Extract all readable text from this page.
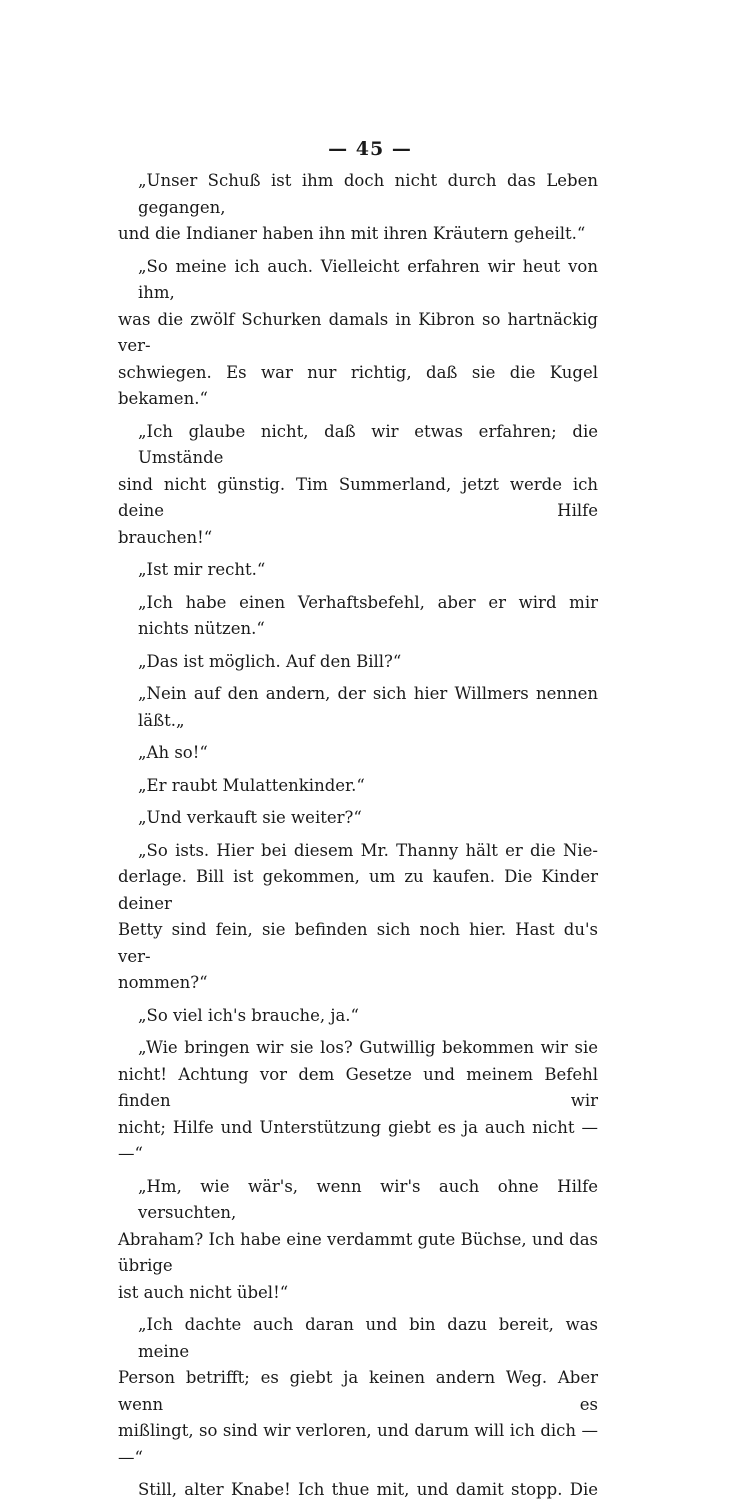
— 45 —
„Unser Schuß ist ihm doch nicht durch das Leben gegangen,
und die Indianer haben ihn mit ihren Kräutern geheilt.“
„So meine ich auch. Vielleicht erfahren wir heut von ihm,
was die zwölf Schurken damals in Kibron so hartnäckig ver-
schwiegen. Es war nur richtig, daß sie die Kugel bekamen.“
„Ich glaube nicht, daß wir etwas erfahren; die Umstände
sind nicht günstig. Tim Summerland, jetzt werde ich deine Hilfe
brauchen!“
„Ist mir recht.“
„Ich habe einen Verhaftsbefehl, aber er wird mir nichts nützen.“
„Das ist möglich. Auf den Bill?“
„Nein auf den andern, der sich hier Willmers nennen läßt.„
„Ah so!“
„Er raubt Mulattenkinder.“
„Und verkauft sie weiter?“
„So ists. Hier bei diesem Mr. Thanny hält er die Nie-
derlage. Bill ist gekommen, um zu kaufen. Die Kinder deiner
Betty sind fein, sie befinden sich noch hier. Hast du's ver-
nommen?“
„So viel ich's brauche, ja.“
„Wie bringen wir sie los? Gutwillig bekommen wir sie
nicht! Achtung vor dem Gesetze und meinem Befehl finden wir
nicht; Hilfe und Unterstützung giebt es ja auch nicht — —“
„Hm, wie wär's, wenn wir's auch ohne Hilfe versuchten,
Abraham? Ich habe eine verdammt gute Büchse, und das übrige
ist auch nicht übel!“
„Ich dachte auch daran und bin dazu bereit, was meine
Person betrifft; es giebt ja keinen andern Weg. Aber wenn es
mißlingt, so sind wir verloren, und darum will ich dich — —“
Still, alter Knabe! Ich thue mit, und damit stopp. Die
